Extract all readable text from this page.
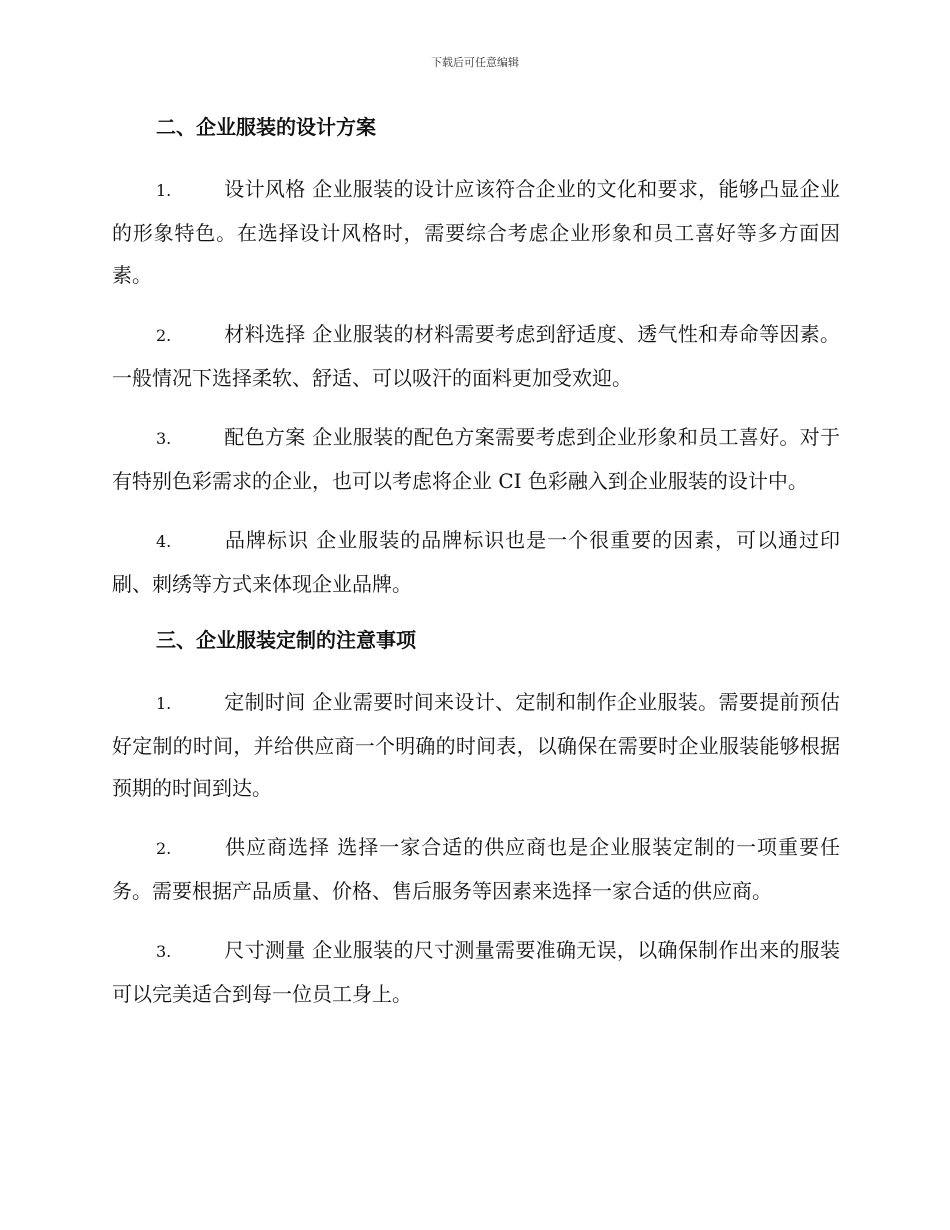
下载后可任意编辑
二、企业服装的设计方案

1.	设计风格 企业服装的设计应该符合企业的文化和要求，能够凸显企业的形象特色。在选择设计风格时，需要综合考虑企业形象和员工喜好等多方面因素。

2.	材料选择 企业服装的材料需要考虑到舒适度、透气性和寿命等因素。一般情况下选择柔软、舒适、可以吸汗的面料更加受欢迎。

3.	配色方案 企业服装的配色方案需要考虑到企业形象和员工喜好。对于有特别色彩需求的企业，也可以考虑将企业 CI 色彩融入到企业服装的设计中。

4.	品牌标识 企业服装的品牌标识也是一个很重要的因素，可以通过印刷、刺绣等方式来体现企业品牌。

三、企业服装定制的注意事项

1.	定制时间 企业需要时间来设计、定制和制作企业服装。需要提前预估好定制的时间，并给供应商一个明确的时间表，以确保在需要时企业服装能够根据预期的时间到达。

2.	供应商选择 选择一家合适的供应商也是企业服装定制的一项重要任务。需要根据产品质量、价格、售后服务等因素来选择一家合适的供应商。

3.	尺寸测量 企业服装的尺寸测量需要准确无误，以确保制作出来的服装可以完美适合到每一位员工身上。
